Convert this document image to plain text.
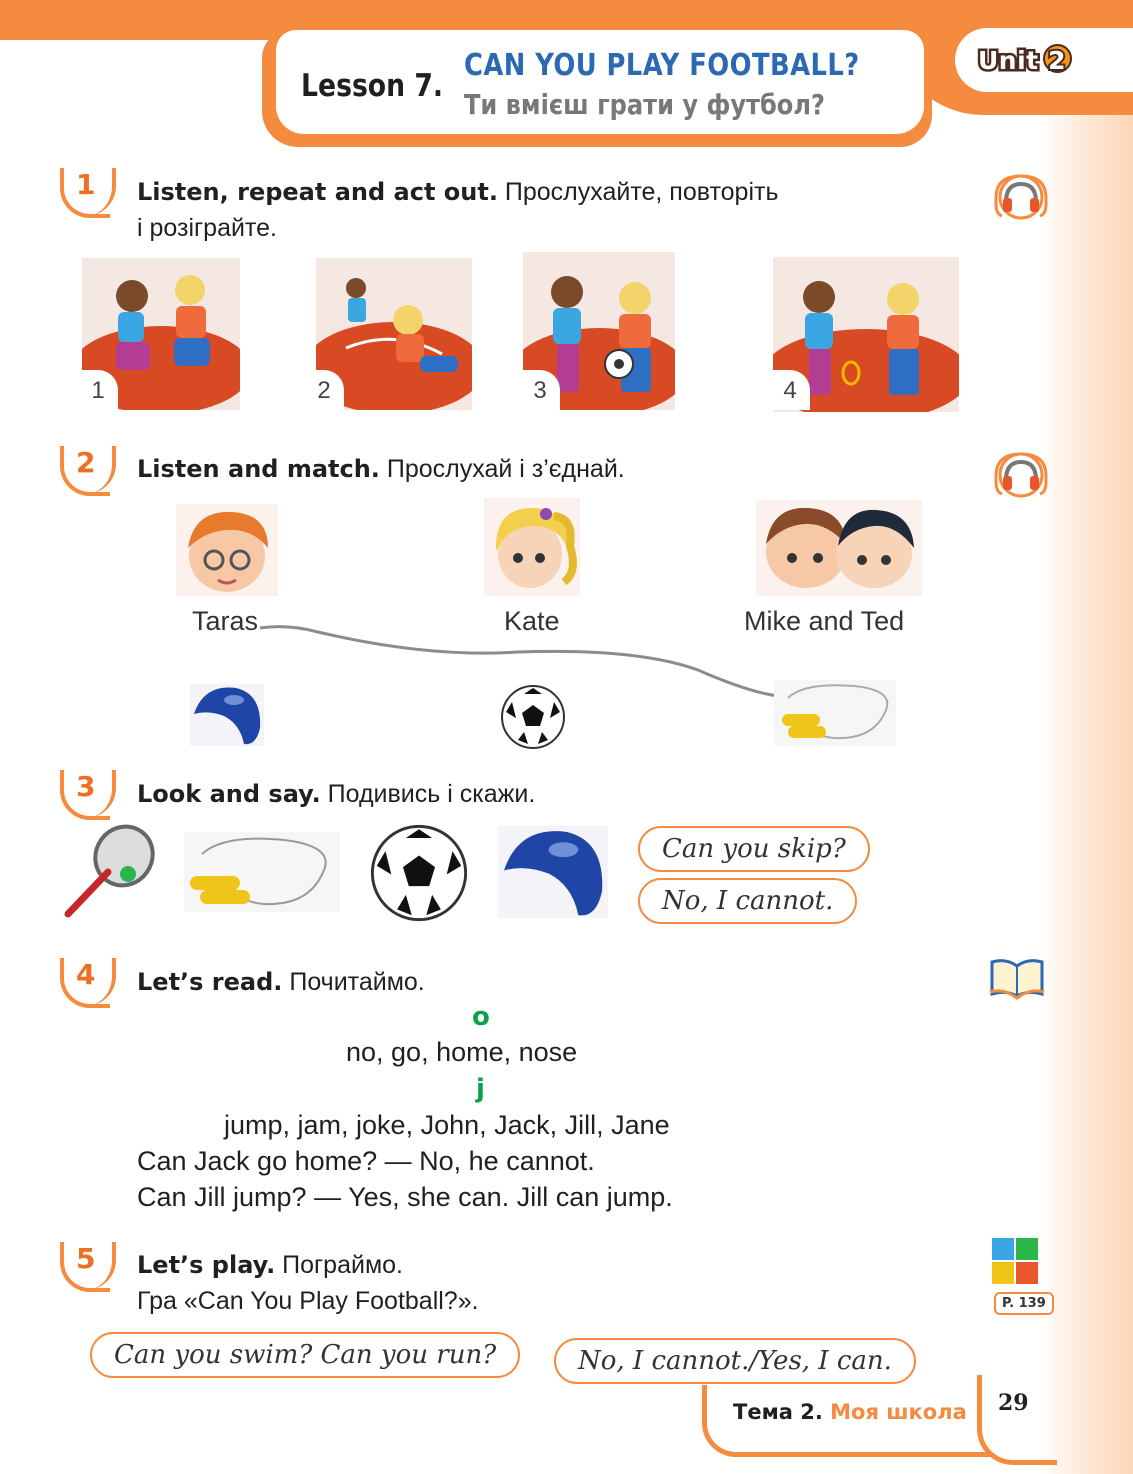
Unit 2
Lesson 7.
CAN YOU PLAY FOOTBALL?
Ти вмієш грати у футбол?
1 Listen, repeat and act out. Прослухайте, повторіть
і розіграйте.
1	2	3	4
2 Listen and match. Прослухай і з’єднай.
Taras	Kate	Mike and Ted
3 Look and say. Подивись і скажи.
Can you skip?
No, I cannot.
4 Let’s read. Почитаймо.
o
no, go, home, nose
j
jump, jam, joke, John, Jack, Jill, Jane
Can Jack go home? — No, he cannot.
Can Jill jump? — Yes, she can. Jill can jump.
5 Let’s play. Пограймо.
Гра «Can You Play Football?».	P. 139
Can you swim? Can you run?	No, I cannot./Yes, I can.
Тема 2. Моя школа 29
